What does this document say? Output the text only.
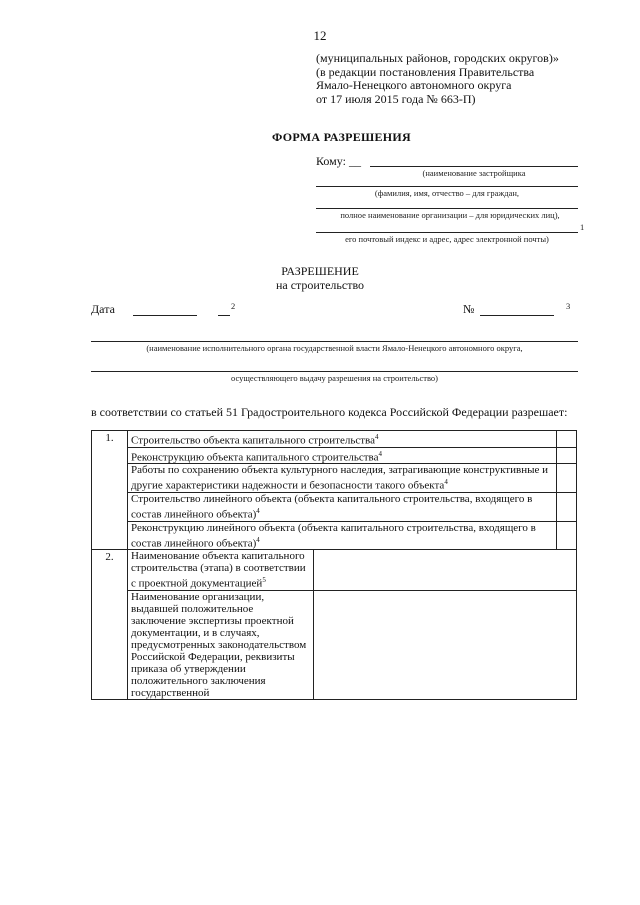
12
(муниципальных районов, городских округов)»
(в редакции постановления Правительства
Ямало-Ненецкого автономного округа
от 17 июля 2015 года № 663-П)
ФОРМА РАЗРЕШЕНИЯ
Кому: __
(наименование застройщика
(фамилия, имя, отчество – для граждан,
полное наименование организации – для юридических лиц),
1
его почтовый индекс и адрес, адрес электронной почты)
РАЗРЕШЕНИЕ
на строительство
Дата	2	№	3
(наименование исполнительного органа государственной власти Ямало-Ненецкого автономного округа,
осуществляющего выдачу разрешения на строительство)
в соответствии со статьей 51 Градостроительного кодекса Российской Федерации разрешает:
1.	Строительство объекта капитального строительства$^4$	
	Реконструкцию объекта капитального строительства$^4$	
	Работы по сохранению объекта культурного наследия, затрагивающие конструктивные и другие характеристики надежности и безопасности такого объекта$^4$	
	Строительство линейного объекта (объекта капитального строительства, входящего в состав линейного объекта)$^4$	
	Реконструкцию линейного объекта (объекта капитального строительства, входящего в состав линейного объекта)$^4$	
2.	Наименование объекта капитального строительства (этапа) в соответствии с проектной документацией$^5$	
	Наименование организации, выдавшей положительное заключение экспертизы проектной документации, и в случаях, предусмотренных законодательством Российской Федерации, реквизиты приказа об утверждении положительного заключения государственной		
